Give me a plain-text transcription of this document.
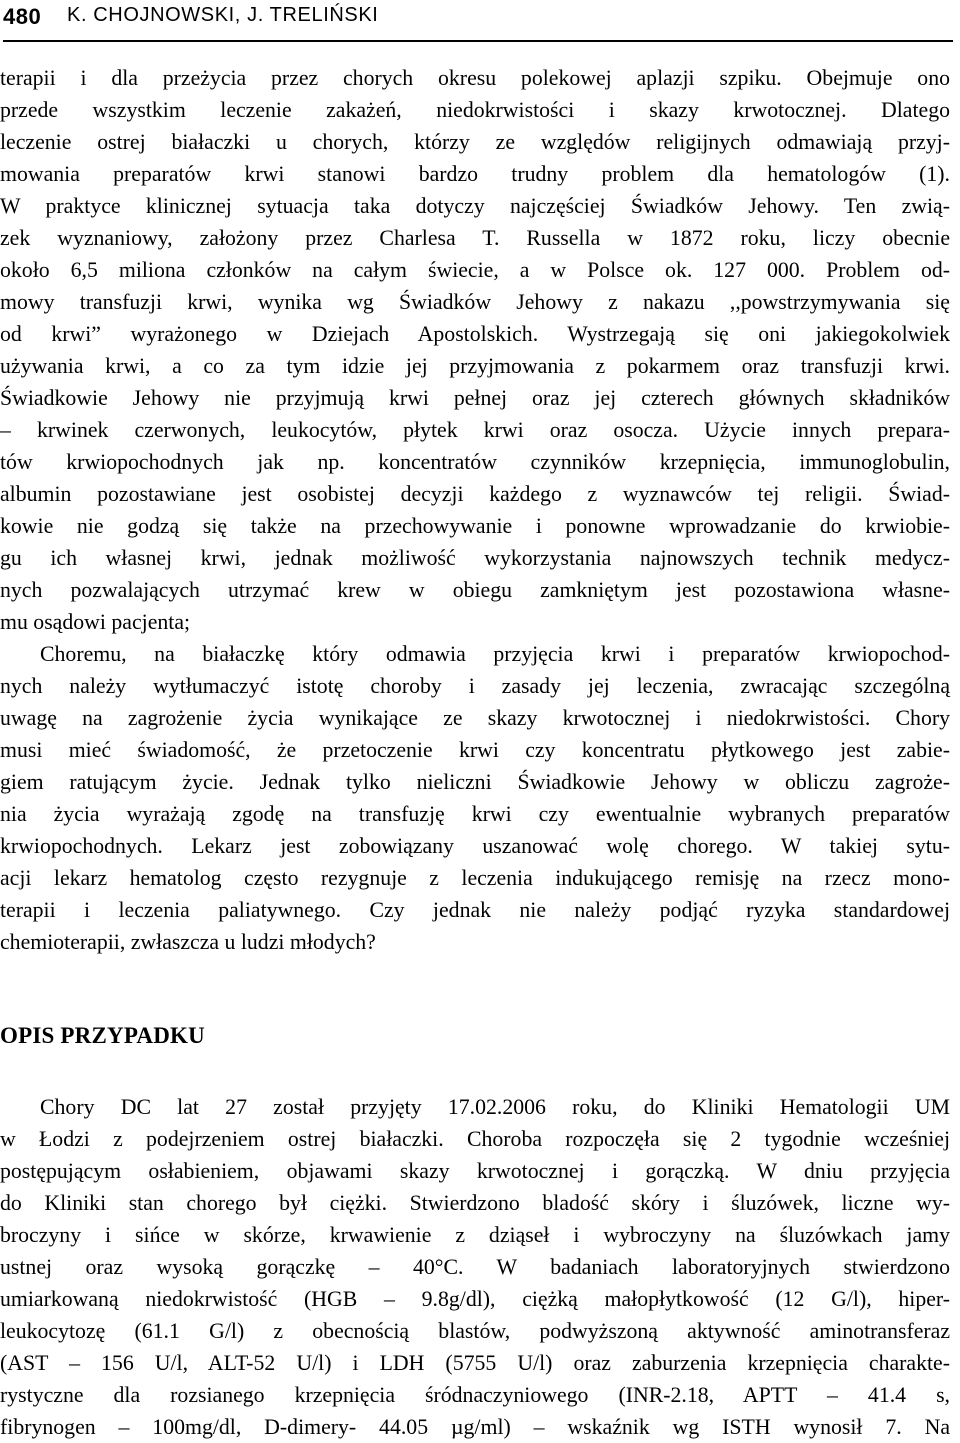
480 K. CHOJNOWSKI, J. TRELIŃSKI
terapii i dla przeżycia przez chorych okresu polekowej aplazji szpiku. Obejmuje ono
przede wszystkim leczenie zakażeń, niedokrwistości i skazy krwotocznej. Dlatego
leczenie ostrej białaczki u chorych, którzy ze względów religijnych odmawiają przyj-
mowania preparatów krwi stanowi bardzo trudny problem dla hematologów (1).
W praktyce klinicznej sytuacja taka dotyczy najczęściej Świadków Jehowy. Ten zwią-
zek wyznaniowy, założony przez Charlesa T. Russella w 1872 roku, liczy obecnie
około 6,5 miliona członków na całym świecie, a w Polsce ok. 127 000. Problem od-
mowy transfuzji krwi, wynika wg Świadków Jehowy z nakazu ,,powstrzymywania się
od krwi” wyrażonego w Dziejach Apostolskich. Wystrzegają się oni jakiegokolwiek
używania krwi, a co za tym idzie jej przyjmowania z pokarmem oraz transfuzji krwi.
Świadkowie Jehowy nie przyjmują krwi pełnej oraz jej czterech głównych składników
– krwinek czerwonych, leukocytów, płytek krwi oraz osocza. Użycie innych prepara-
tów krwiopochodnych jak np. koncentratów czynników krzepnięcia, immunoglobulin,
albumin pozostawiane jest osobistej decyzji każdego z wyznawców tej religii. Świad-
kowie nie godzą się także na przechowywanie i ponowne wprowadzanie do krwiobie-
gu ich własnej krwi, jednak możliwość wykorzystania najnowszych technik medycz-
nych pozwalających utrzymać krew w obiegu zamkniętym jest pozostawiona własne-
mu osądowi pacjenta;
Choremu, na białaczkę który odmawia przyjęcia krwi i preparatów krwiopochod-
nych należy wytłumaczyć istotę choroby i zasady jej leczenia, zwracając szczególną
uwagę na zagrożenie życia wynikające ze skazy krwotocznej i niedokrwistości. Chory
musi mieć świadomość, że przetoczenie krwi czy koncentratu płytkowego jest zabie-
giem ratującym życie. Jednak tylko nieliczni Świadkowie Jehowy w obliczu zagroże-
nia życia wyrażają zgodę na transfuzję krwi czy ewentualnie wybranych preparatów
krwiopochodnych. Lekarz jest zobowiązany uszanować wolę chorego. W takiej sytu-
acji lekarz hematolog często rezygnuje z leczenia indukującego remisję na rzecz mono-
terapii i leczenia paliatywnego. Czy jednak nie należy podjąć ryzyka standardowej
chemioterapii, zwłaszcza u ludzi młodych?
OPIS PRZYPADKU
Chory DC lat 27 został przyjęty 17.02.2006 roku, do Kliniki Hematologii UM
w Łodzi z podejrzeniem ostrej białaczki. Choroba rozpoczęła się 2 tygodnie wcześniej
postępującym osłabieniem, objawami skazy krwotocznej i gorączką. W dniu przyjęcia
do Kliniki stan chorego był ciężki. Stwierdzono bladość skóry i śluzówek, liczne wy-
broczyny i sińce w skórze, krwawienie z dziąseł i wybroczyny na śluzówkach jamy
ustnej oraz wysoką gorączkę – 40°C. W badaniach laboratoryjnych stwierdzono
umiarkowaną niedokrwistość (HGB – 9.8g/dl), ciężką małopłytkowość (12 G/l), hiper-
leukocytozę (61.1 G/l) z obecnością blastów, podwyższoną aktywność aminotransferaz
(AST – 156 U/l, ALT-52 U/l) i LDH (5755 U/l) oraz zaburzenia krzepnięcia charakte-
rystyczne dla rozsianego krzepnięcia śródnaczyniowego (INR-2.18, APTT – 41.4 s,
fibrynogen – 100mg/dl, D-dimery- 44.05 µg/ml) – wskaźnik wg ISTH wynosił 7. Na
